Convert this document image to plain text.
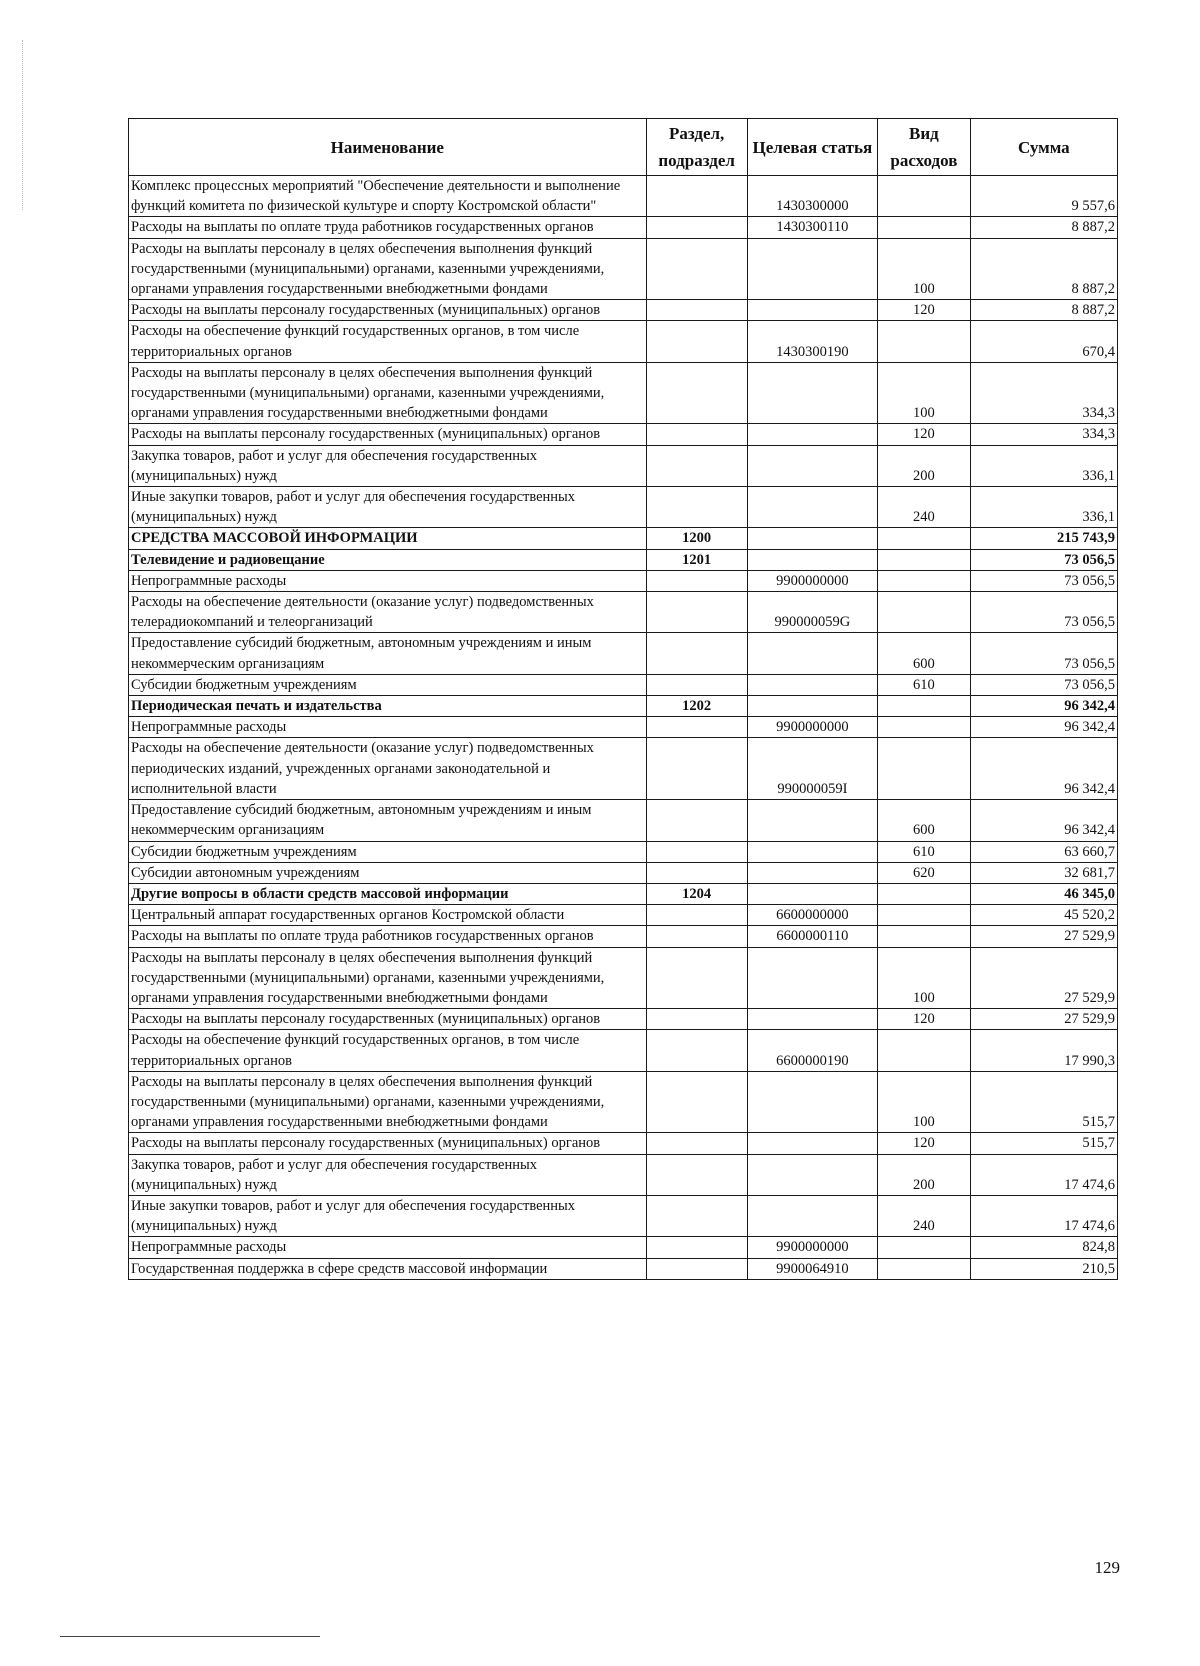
Наименование	Раздел, подраздел	Целевая статья	Вид расходов	Сумма
Комплекс процессных мероприятий "Обеспечение деятельности и выполнение функций комитета по физической культуре и спорту Костромской области"		1430300000		9 557,6
Расходы на выплаты по оплате труда работников государственных органов		1430300110		8 887,2
Расходы на выплаты персоналу в целях обеспечения выполнения функций государственными (муниципальными) органами, казенными учреждениями, органами управления государственными внебюджетными фондами			100	8 887,2
Расходы на выплаты персоналу государственных (муниципальных) органов			120	8 887,2
Расходы на обеспечение функций государственных органов, в том числе территориальных органов		1430300190		670,4
Расходы на выплаты персоналу в целях обеспечения выполнения функций государственными (муниципальными) органами, казенными учреждениями, органами управления государственными внебюджетными фондами			100	334,3
Расходы на выплаты персоналу государственных (муниципальных) органов			120	334,3
Закупка товаров, работ и услуг для обеспечения государственных (муниципальных) нужд			200	336,1
Иные закупки товаров, работ и услуг для обеспечения государственных (муниципальных) нужд			240	336,1
СРЕДСТВА МАССОВОЙ ИНФОРМАЦИИ	1200			215 743,9
Телевидение и радиовещание	1201			73 056,5
Непрограммные расходы		9900000000		73 056,5
Расходы на обеспечение деятельности (оказание услуг) подведомственных телерадиокомпаний и телеорганизаций		990000059G		73 056,5
Предоставление субсидий бюджетным, автономным учреждениям и иным некоммерческим организациям			600	73 056,5
Субсидии бюджетным учреждениям			610	73 056,5
Периодическая печать и издательства	1202			96 342,4
Непрограммные расходы		9900000000		96 342,4
Расходы на обеспечение деятельности (оказание услуг) подведомственных периодических изданий, учрежденных органами законодательной и исполнительной власти		990000059I		96 342,4
Предоставление субсидий бюджетным, автономным учреждениям и иным некоммерческим организациям			600	96 342,4
Субсидии бюджетным учреждениям			610	63 660,7
Субсидии автономным учреждениям			620	32 681,7
Другие вопросы в области средств массовой информации	1204			46 345,0
Центральный аппарат государственных органов Костромской области		6600000000		45 520,2
Расходы на выплаты по оплате труда работников государственных органов		6600000110		27 529,9
Расходы на выплаты персоналу в целях обеспечения выполнения функций государственными (муниципальными) органами, казенными учреждениями, органами управления государственными внебюджетными фондами			100	27 529,9
Расходы на выплаты персоналу государственных (муниципальных) органов			120	27 529,9
Расходы на обеспечение функций государственных органов, в том числе территориальных органов		6600000190		17 990,3
Расходы на выплаты персоналу в целях обеспечения выполнения функций государственными (муниципальными) органами, казенными учреждениями, органами управления государственными внебюджетными фондами			100	515,7
Расходы на выплаты персоналу государственных (муниципальных) органов			120	515,7
Закупка товаров, работ и услуг для обеспечения государственных (муниципальных) нужд			200	17 474,6
Иные закупки товаров, работ и услуг для обеспечения государственных (муниципальных) нужд			240	17 474,6
Непрограммные расходы		9900000000		824,8
Государственная поддержка в сфере средств массовой информации		9900064910		210,5
129
